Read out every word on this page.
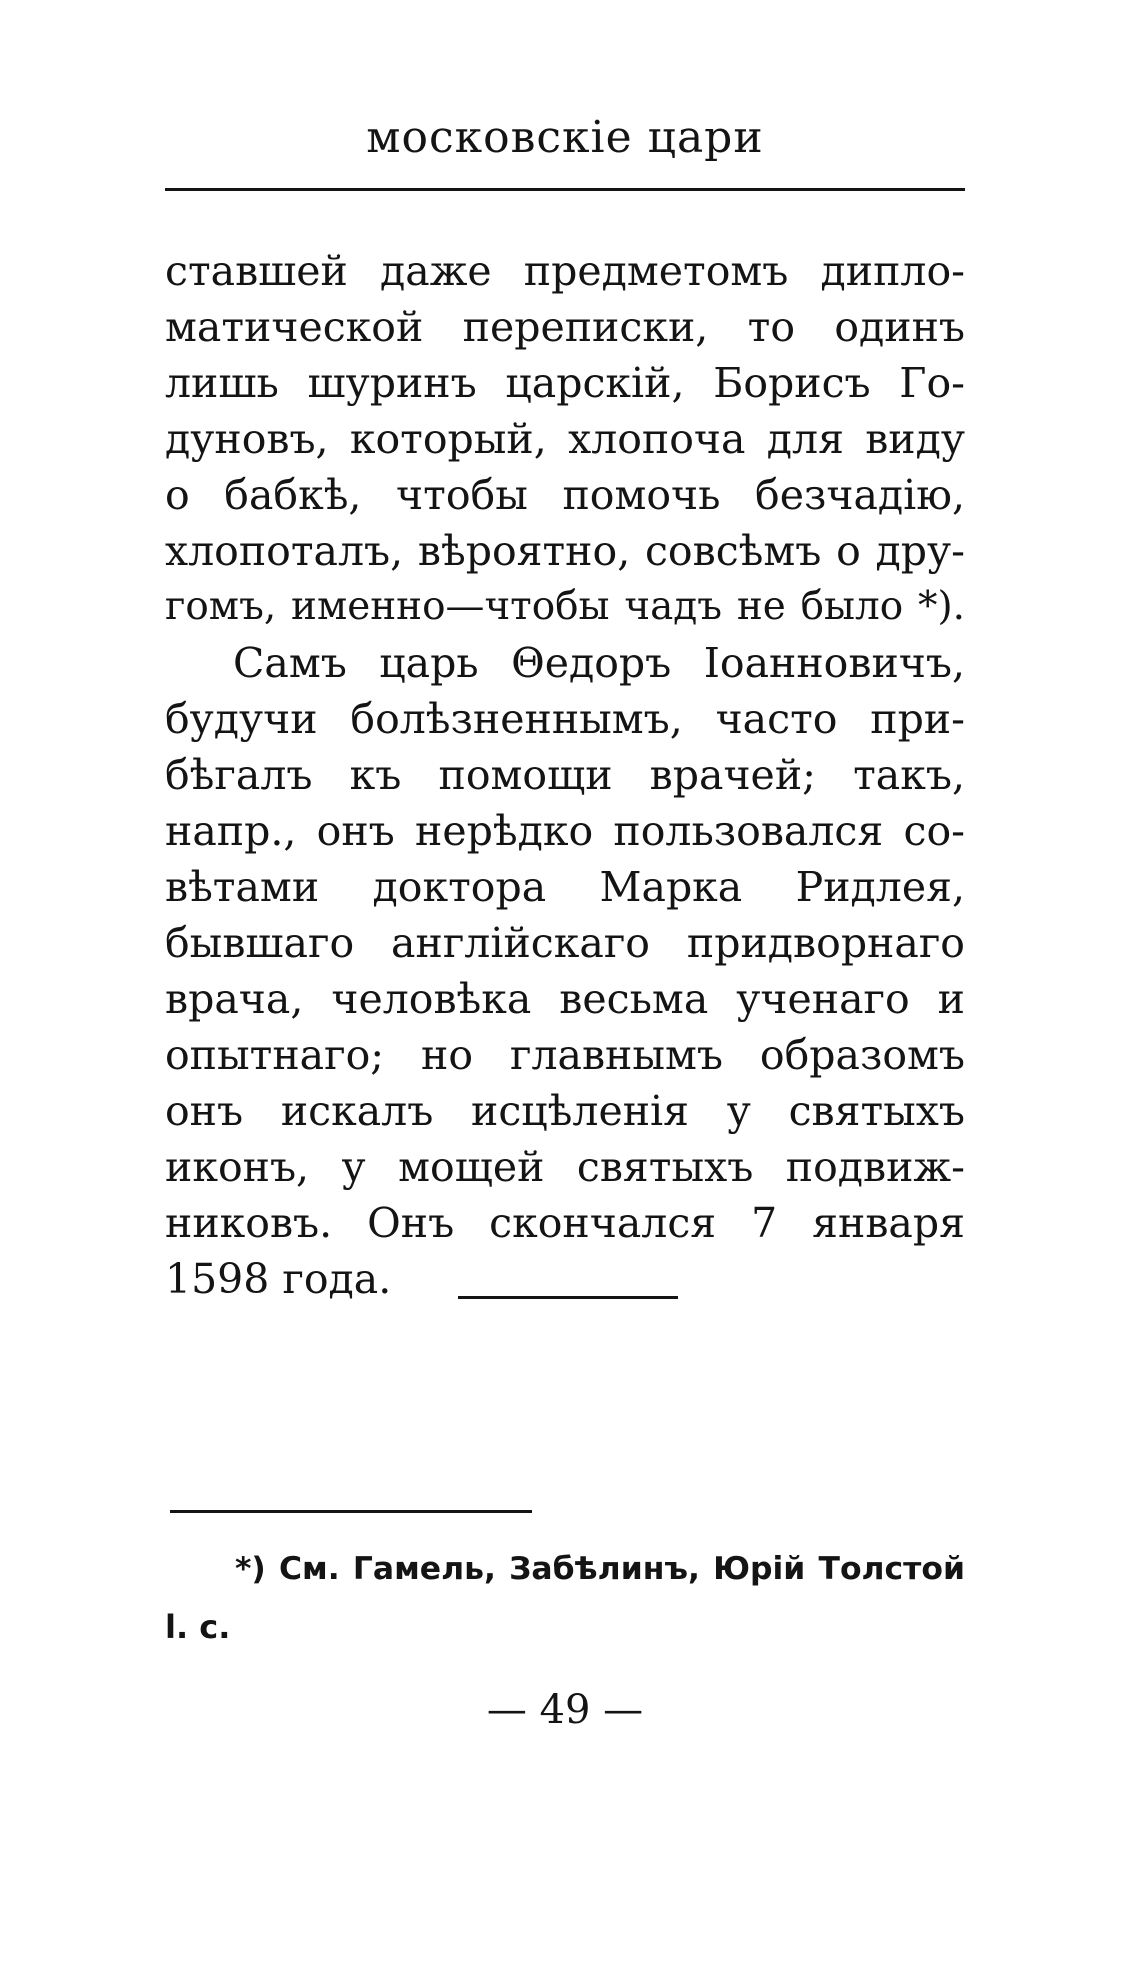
московскіе цари
ставшей даже предметомъ дипло-
матической переписки, то одинъ
лишь шуринъ царскій, Борисъ Го-
дуновъ, который, хлопоча для виду
о бабкѣ, чтобы помочь безчадію,
хлопоталъ, вѣроятно, совсѣмъ о дру-
гомъ, именно—чтобы чадъ не было *).
Самъ царь Θедоръ Іоанновичъ,
будучи болѣзненнымъ, часто при-
бѣгалъ къ помощи врачей; такъ,
напр., онъ нерѣдко пользовался со-
вѣтами доктора Марка Ридлея,
бывшаго англійскаго придворнаго
врача, человѣка весьма ученаго и
опытнаго; но главнымъ образомъ
онъ искалъ исцѣленія у святыхъ
иконъ, у мощей святыхъ подвиж-
никовъ. Онъ скончался 7 января
1598 года.
*) См. Гамель, Забѣлинъ, Юрій Толстой
l. c.
— 49 —
